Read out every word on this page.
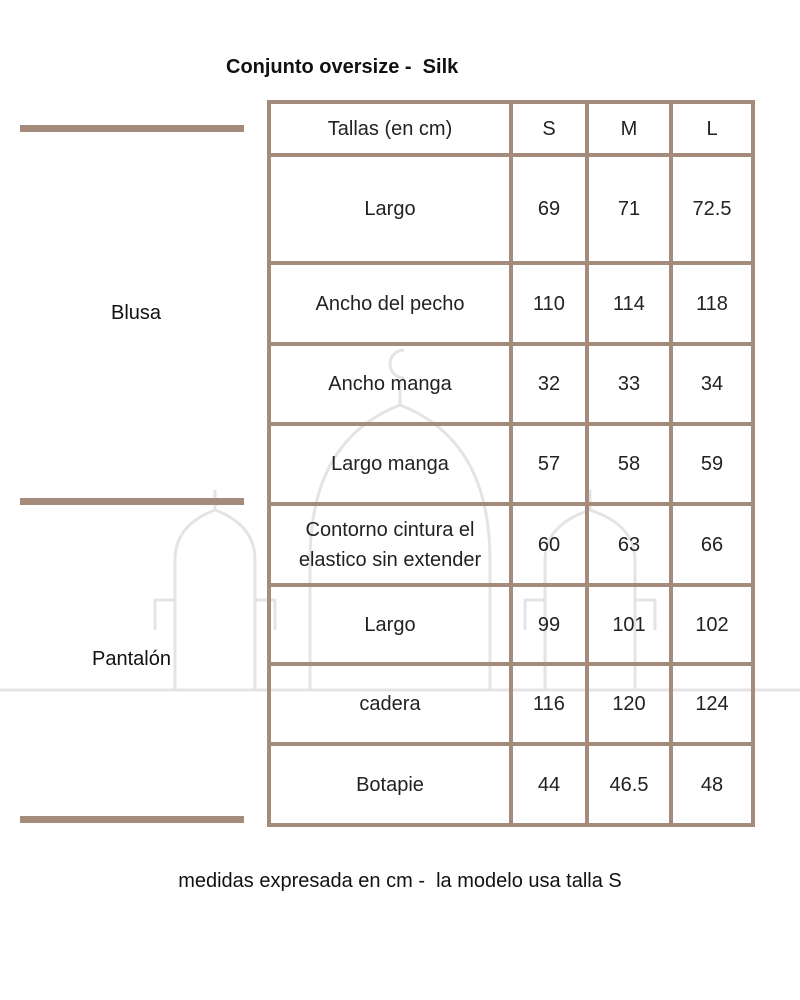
Conjunto oversize -  Silk
Blusa
Pantalón
Tallas (en cm)	S	M	L
Largo	69	71	72.5
Ancho del pecho	110	114	118
Ancho manga	32	33	34
Largo manga	57	58	59
Contorno cintura el elastico sin extender	60	63	66
Largo	99	101	102
cadera	116	120	124
Botapie	44	46.5	48
medidas expresada en cm -  la modelo usa talla S
